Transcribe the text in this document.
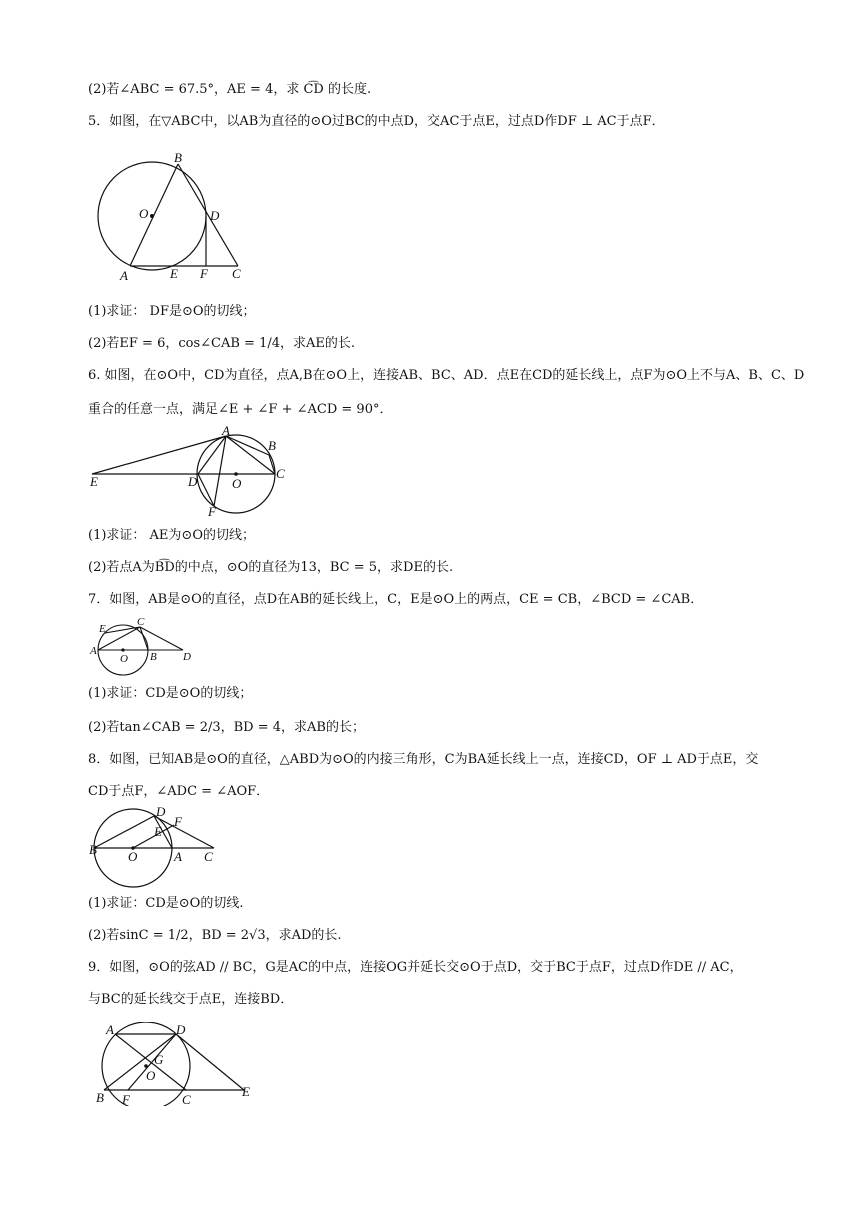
(2)若∠ABC = 67.5°，AE = 4，求 C͡D 的长度.
5．如图，在▽ABC中，以AB为直径的⊙O过BC的中点D，交AC于点E，过点D作DF ⊥ AC于点F．
B
O	D
A	E F C
(1)求证： DF是⊙O的切线；
(2)若EF = 6，cos∠CAB = 1/4，求AE的长.
6. 如图，在⊙O中，CD为直径，点A,B在⊙O上，连接AB、BC、AD．点E在CD的延长线上，点F为⊙O上不与A、B、C、D
重合的任意一点，满足∠E + ∠F + ∠ACD = 90°．
A
B
E	D	O
C
F
(1)求证： AE为⊙O的切线；
(2)若点A为B͡D的中点，⊙O的直径为13，BC = 5，求DE的长.
7．如图，AB是⊙O的直径，点D在AB的延长线上，C，E是⊙O上的两点，CE = CB，∠BCD = ∠CAB．
E
C
A
O B D
(1)求证：CD是⊙O的切线；
(2)若tan∠CAB = 2/3，BD = 4，求AB的长；
8．如图，已知AB是⊙O的直径，△ABD为⊙O的内接三角形，C为BA延长线上一点，连接CD，OF ⊥ AD于点E，交
CD于点F，∠ADC = ∠AOF．
D
F
E
B O	A C
(1)求证：CD是⊙O的切线.
(2)若sinC = 1/2，BD = 2√3，求AD的长.
9．如图，⊙O的弦AD // BC，G是AC的中点，连接OG并延长交⊙O于点D，交于BC于点F，过点D作DE // AC，
与BC的延长线交于点E，连接BD．
A	D
G
O
B F	C
E
